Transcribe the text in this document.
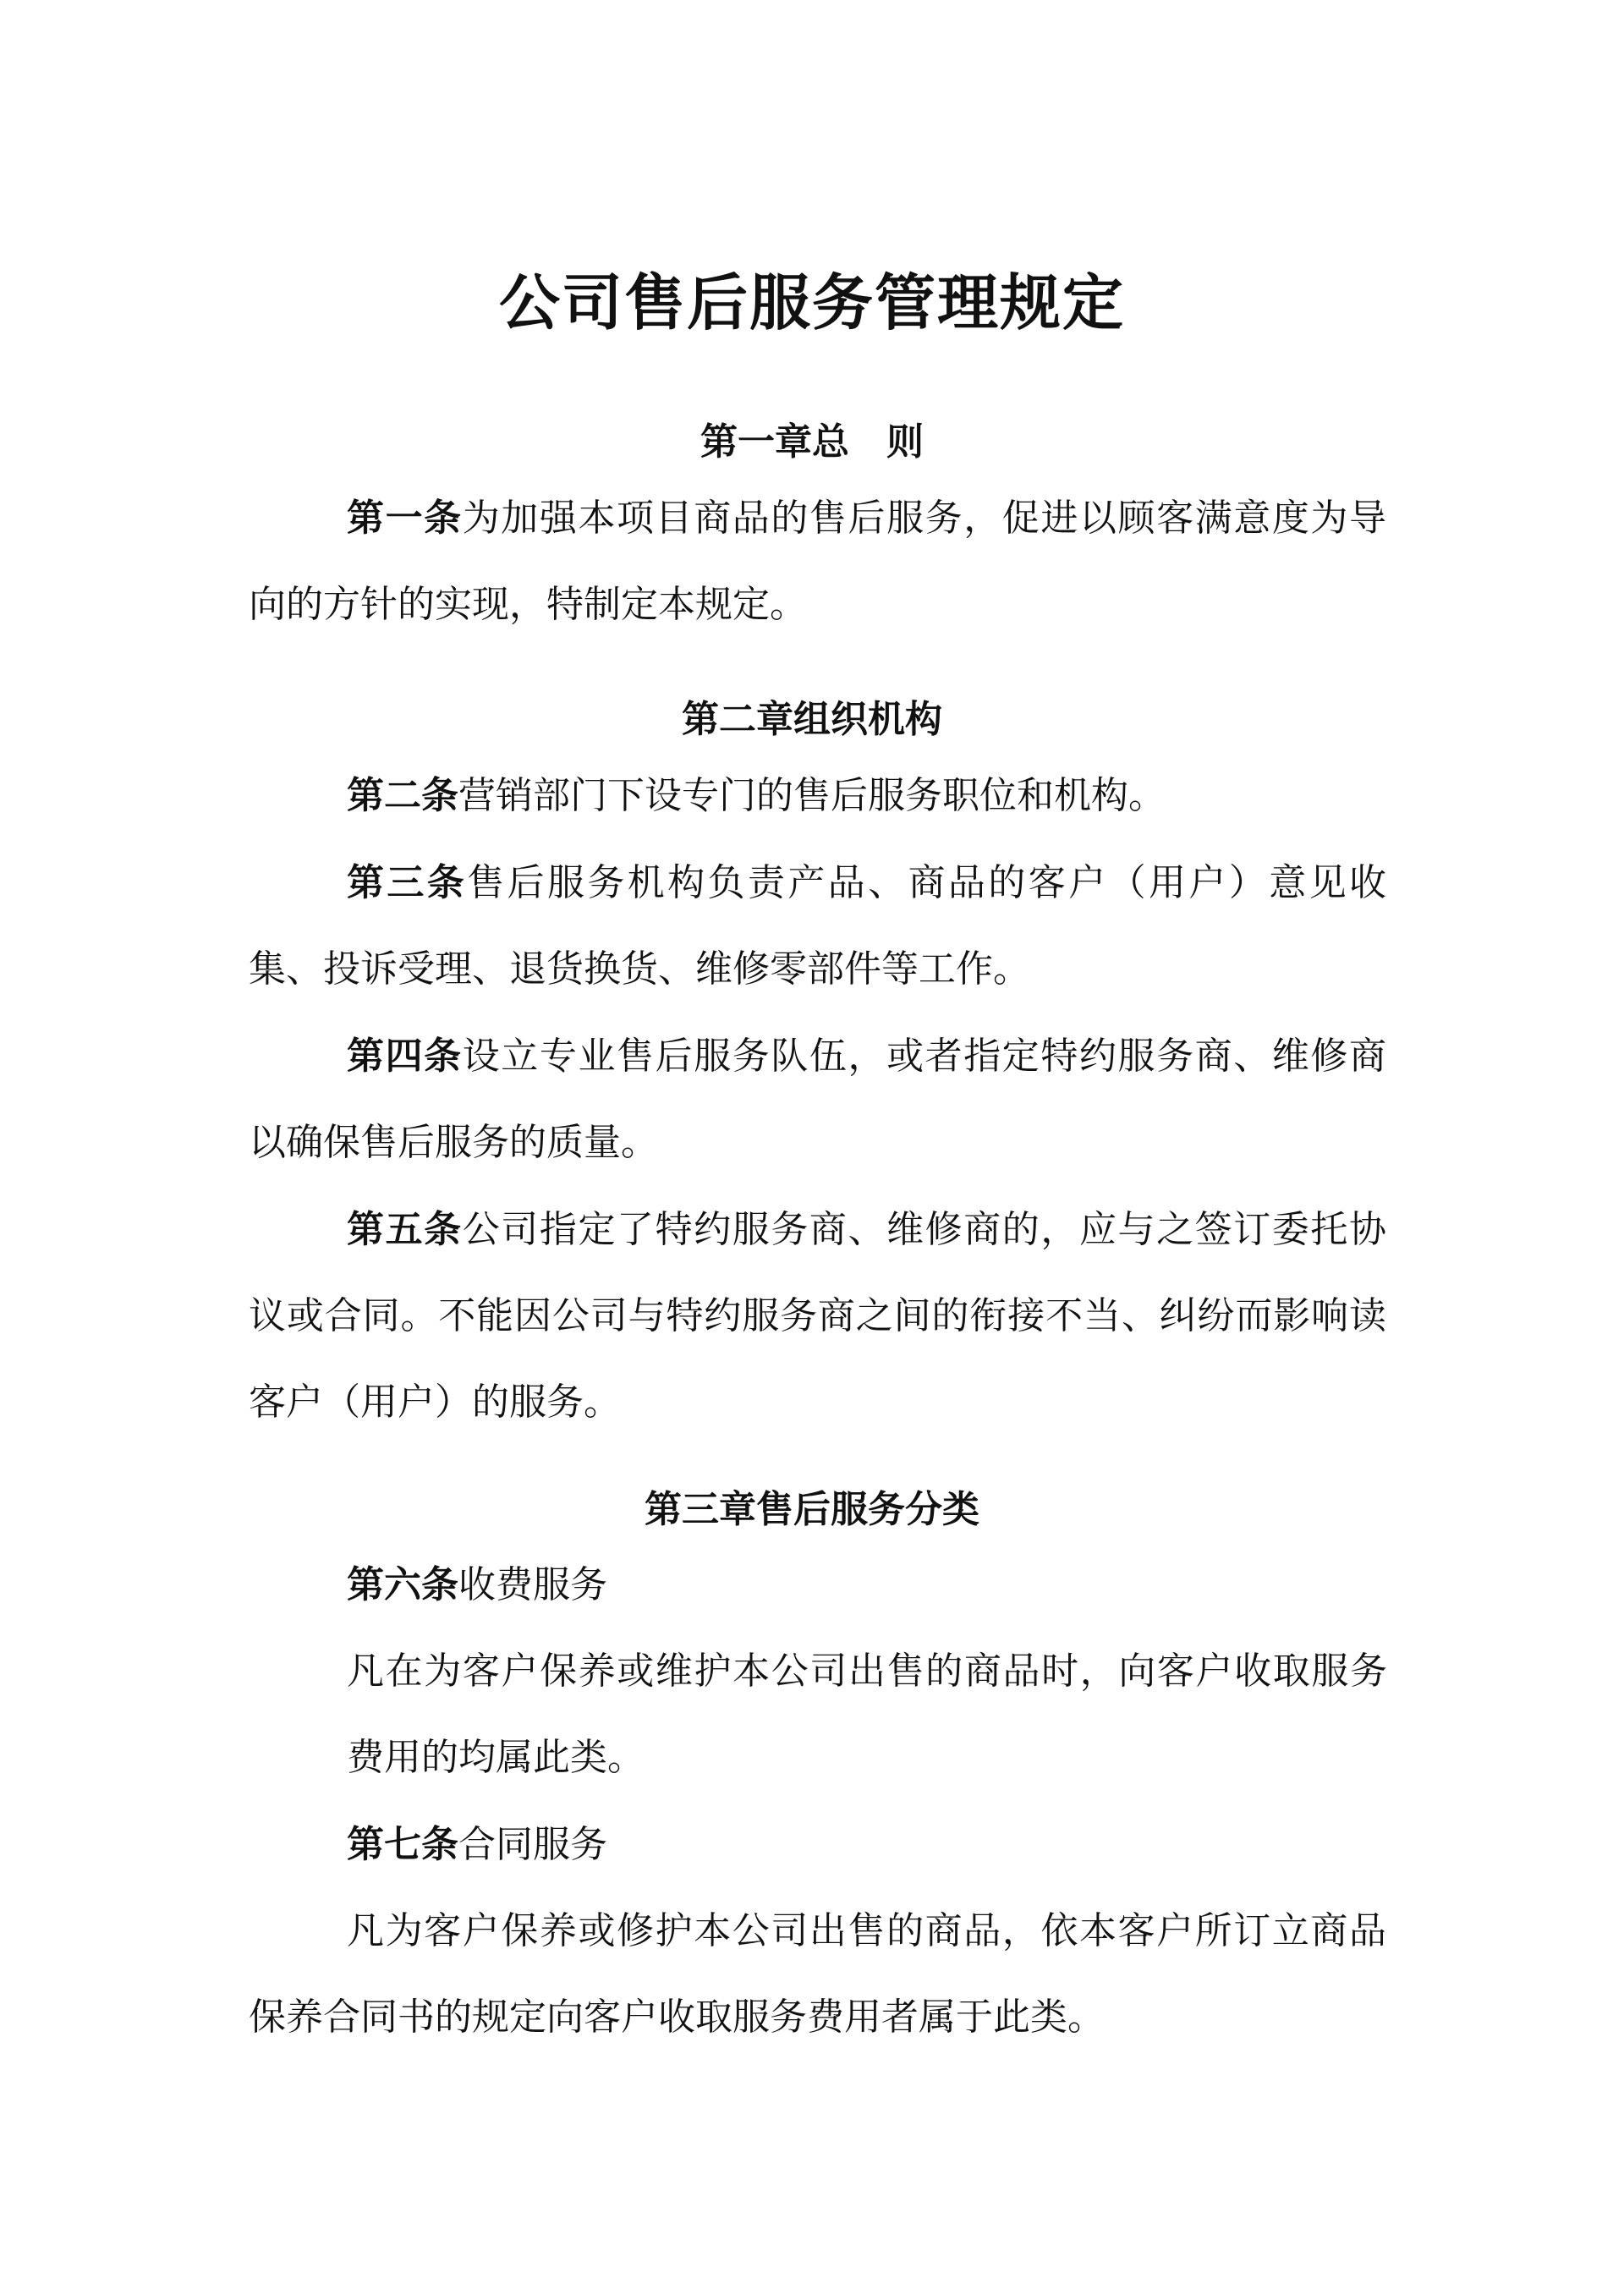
公司售后服务管理规定
第一章总 则
第一条为加强本项目商品的售后服务，促进以顾客满意度为导向的方针的实现，特制定本规定。
第二章组织机构
第二条营销部门下设专门的售后服务职位和机构。
第三条售后服务机构负责产品、商品的客户（用户）意见收集、投诉受理、退货换货、维修零部件等工作。
第四条设立专业售后服务队伍，或者指定特约服务商、维修商以确保售后服务的质量。
第五条公司指定了特约服务商、维修商的，应与之签订委托协议或合同。不能因公司与特约服务商之间的衔接不当、纠纷而影响读客户（用户）的服务。
第三章售后服务分类
第六条收费服务
凡在为客户保养或维护本公司出售的商品时，向客户收取服务费用的均属此类。
第七条合同服务
凡为客户保养或修护本公司出售的商品，依本客户所订立商品保养合同书的规定向客户收取服务费用者属于此类。
